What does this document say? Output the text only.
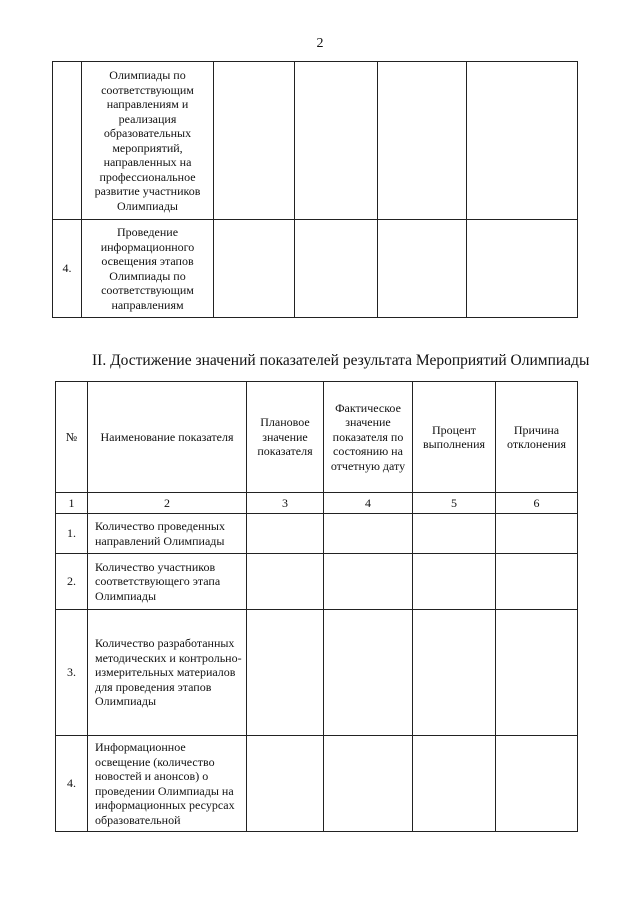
2
	Олимпиады по соответствующим направлениям и реализация образовательных мероприятий, направленных на профессиональное развитие участников Олимпиады				
4.	Проведение информационного освещения этапов Олимпиады по соответствующим направлениям				
II. Достижение значений показателей результата Мероприятий Олимпиады
№	Наименование показателя	Плановое значение показателя	Фактическое значение показателя по состоянию на отчетную дату	Процент выполнения	Причина отклонения
1	2	3	4	5	6
1.	Количество проведенных направлений Олимпиады				
2.	Количество участников соответствующего этапа Олимпиады				
3.	Количество разработанных методических и контрольно-измерительных материалов для проведения этапов Олимпиады				
4.	Информационное освещение (количество новостей и анонсов) о проведении Олимпиады на информационных ресурсах образовательной				
